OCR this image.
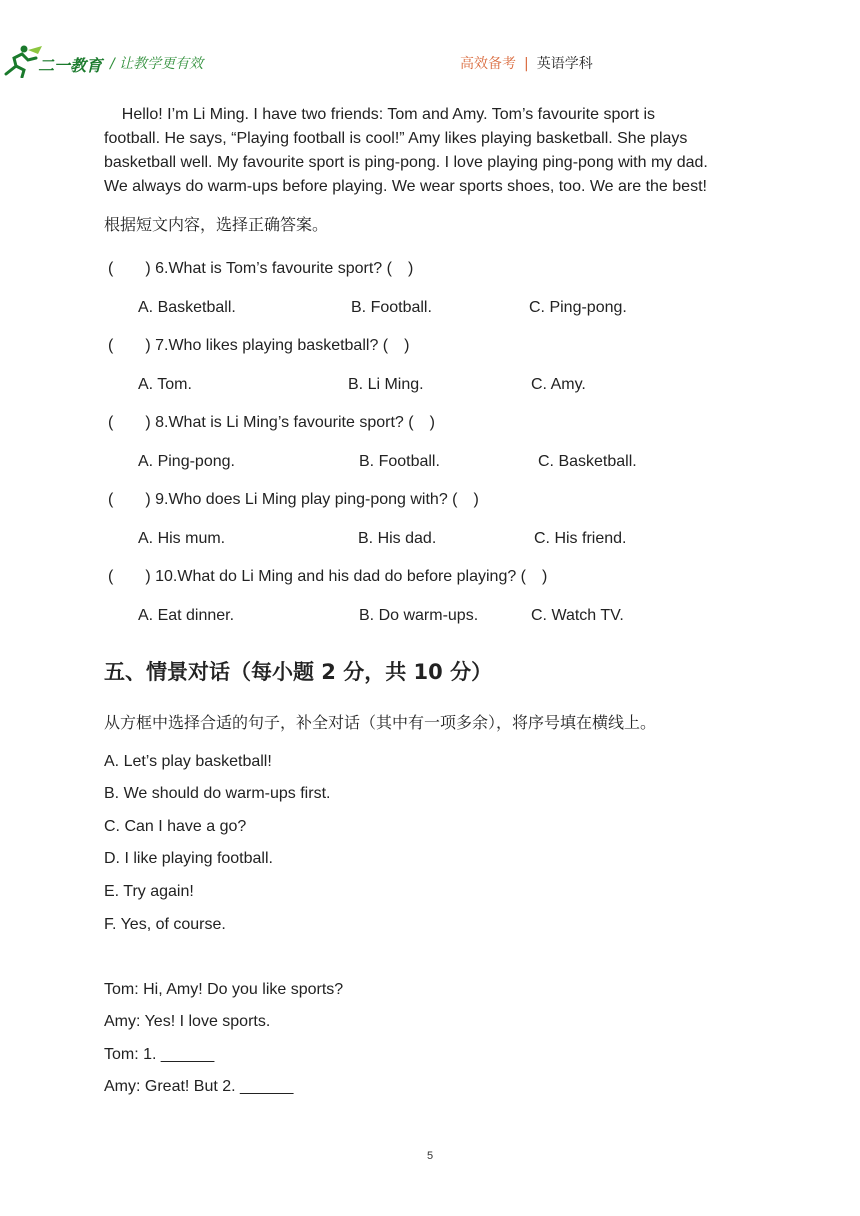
二一教育 / 让教学更有效	高效备考 | 英语学科
Hello! I’m Li Ming. I have two friends: Tom and Amy. Tom’s favourite sport is
football. He says, “Playing football is cool!” Amy likes playing basketball. She plays
basketball well. My favourite sport is ping-pong. I love playing ping-pong with my dad.
We always do warm-ups before playing. We wear sports shoes, too. We are the best!
根据短文内容，选择正确答案。
(　　) 6.What is Tom’s favourite sport? (　)
A. Basketball.	B. Football.	C. Ping-pong.
(　　) 7.Who likes playing basketball? (　)
A. Tom.	B. Li Ming.	C. Amy.
(　　) 8.What is Li Ming’s favourite sport? (　)
A. Ping-pong.	B. Football.	C. Basketball.
(　　) 9.Who does Li Ming play ping-pong with? (　)
A. His mum.	B. His dad.	C. His friend.
(　　) 10.What do Li Ming and his dad do before playing? (　)
A. Eat dinner.	B. Do warm-ups.	C. Watch TV.
五、情景对话（每小题 2 分，共 10 分）
从方框中选择合适的句子，补全对话（其中有一项多余），将序号填在横线上。
A. Let’s play basketball!
B. We should do warm-ups first.
C. Can I have a go?
D. I like playing football.
E. Try again!
F. Yes, of course.
Tom: Hi, Amy! Do you like sports?
Amy: Yes! I love sports.
Tom: 1. ______
Amy: Great! But 2. ______
5
